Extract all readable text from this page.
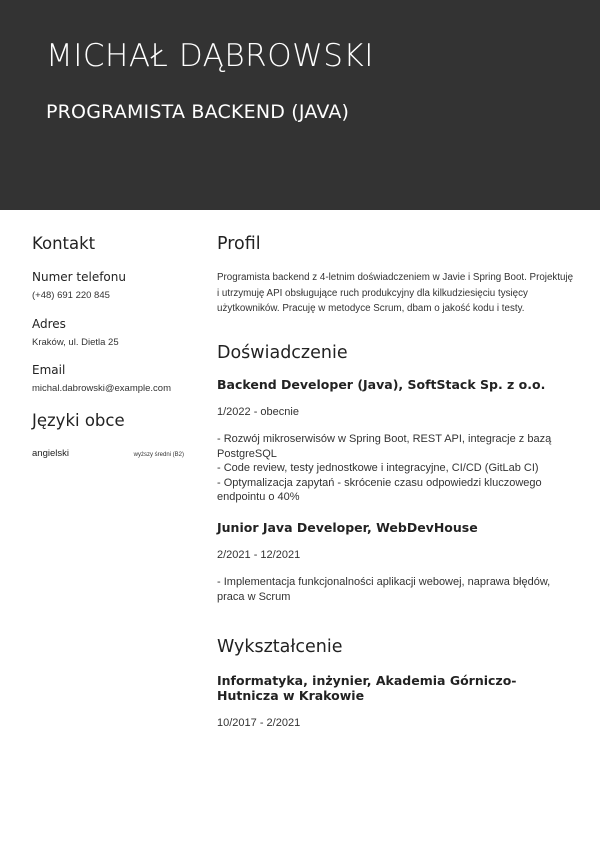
MICHAŁ DĄBROWSKI
PROGRAMISTA BACKEND (JAVA)
Kontakt
Numer telefonu
(+48) 691 220 845
Adres
Kraków, ul. Dietla 25
Email
michal.dabrowski@example.com
Języki obce
angielski	wyższy średni (B2)
Profil
Programista backend z 4-letnim doświadczeniem w Javie i Spring Boot. Projektuję i utrzymuję API obsługujące ruch produkcyjny dla kilkudziesięciu tysięcy użytkowników. Pracuję w metodyce Scrum, dbam o jakość kodu i testy.
Doświadczenie
Backend Developer (Java), SoftStack Sp. z o.o.
1/2022 - obecnie
- Rozwój mikroserwisów w Spring Boot, REST API, integracje z bazą PostgreSQL
- Code review, testy jednostkowe i integracyjne, CI/CD (GitLab CI)
- Optymalizacja zapytań - skrócenie czasu odpowiedzi kluczowego endpointu o 40%
Junior Java Developer, WebDevHouse
2/2021 - 12/2021
- Implementacja funkcjonalności aplikacji webowej, naprawa błędów, praca w Scrum
Wykształcenie
Informatyka, inżynier, Akademia Górniczo-Hutnicza w Krakowie
10/2017 - 2/2021
